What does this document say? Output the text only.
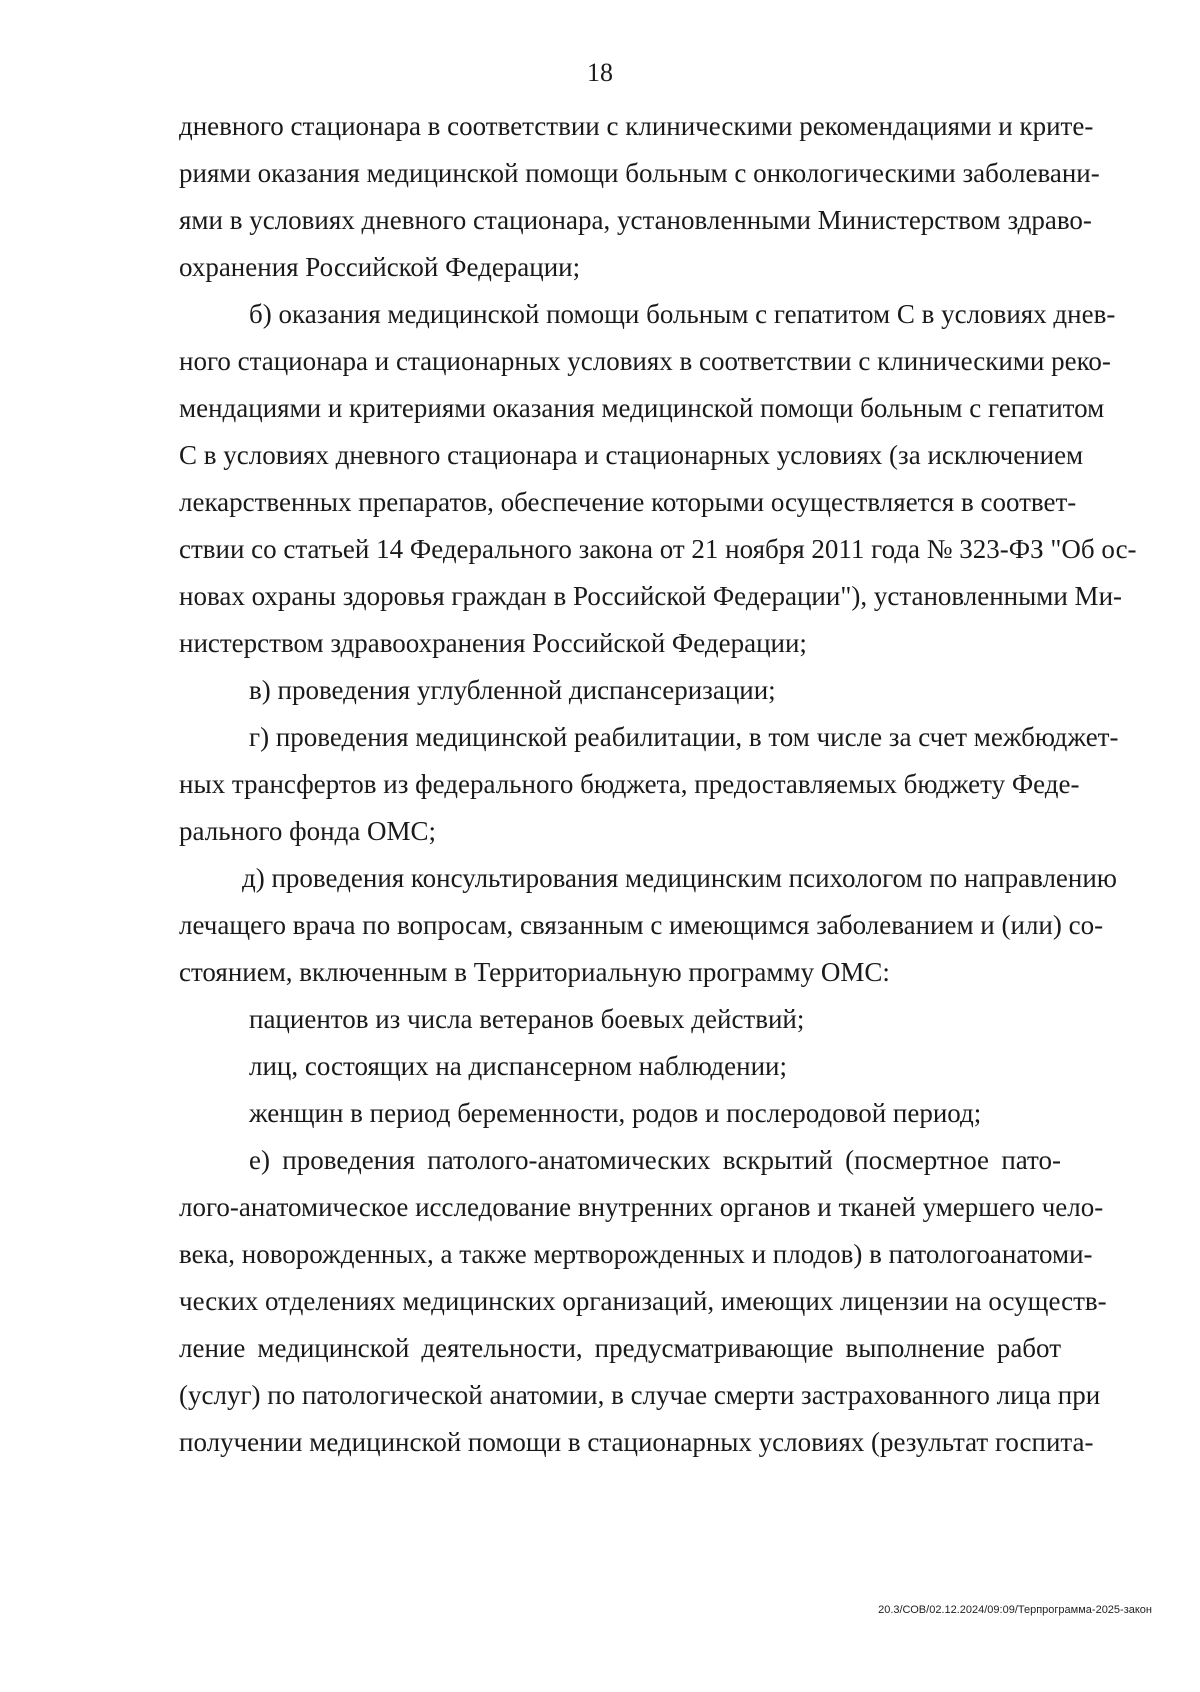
18
дневного стационара в соответствии с клиническими рекомендациями и крите-
риями оказания медицинской помощи больным с онкологическими заболевани-
ями в условиях дневного стационара, установленными Министерством здраво-
охранения Российской Федерации;
б) оказания медицинской помощи больным с гепатитом С в условиях днев-
ного стационара и стационарных условиях в соответствии с клиническими реко-
мендациями и критериями оказания медицинской помощи больным с гепатитом
С в условиях дневного стационара и стационарных условиях (за исключением
лекарственных препаратов, обеспечение которыми осуществляется в соответ-
ствии со статьей 14 Федерального закона от 21 ноября 2011 года № 323-ФЗ "Об ос-
новах охраны здоровья граждан в Российской Федерации"), установленными Ми-
нистерством здравоохранения Российской Федерации;
в) проведения углубленной диспансеризации;
г) проведения медицинской реабилитации, в том числе за счет межбюджет-
ных трансфертов из федерального бюджета, предоставляемых бюджету Феде-
рального фонда ОМС;
д) проведения консультирования медицинским психологом по направлению
лечащего врача по вопросам, связанным с имеющимся заболеванием и (или) со-
стоянием, включенным в Территориальную программу ОМС:
пациентов из числа ветеранов боевых действий;
лиц, состоящих на диспансерном наблюдении;
женщин в период беременности, родов и послеродовой период;
е) проведения патолого-анатомических вскрытий (посмертное пато-
лого-анатомическое исследование внутренних органов и тканей умершего чело-
века, новорожденных, а также мертворожденных и плодов) в патологоанатоми-
ческих отделениях медицинских организаций, имеющих лицензии на осуществ-
ление медицинской деятельности, предусматривающие выполнение работ
(услуг) по патологической анатомии, в случае смерти застрахованного лица при
получении медицинской помощи в стационарных условиях (результат госпита-
20.3/СОВ/02.12.2024/09:09/Терпрограмма-2025-закон
